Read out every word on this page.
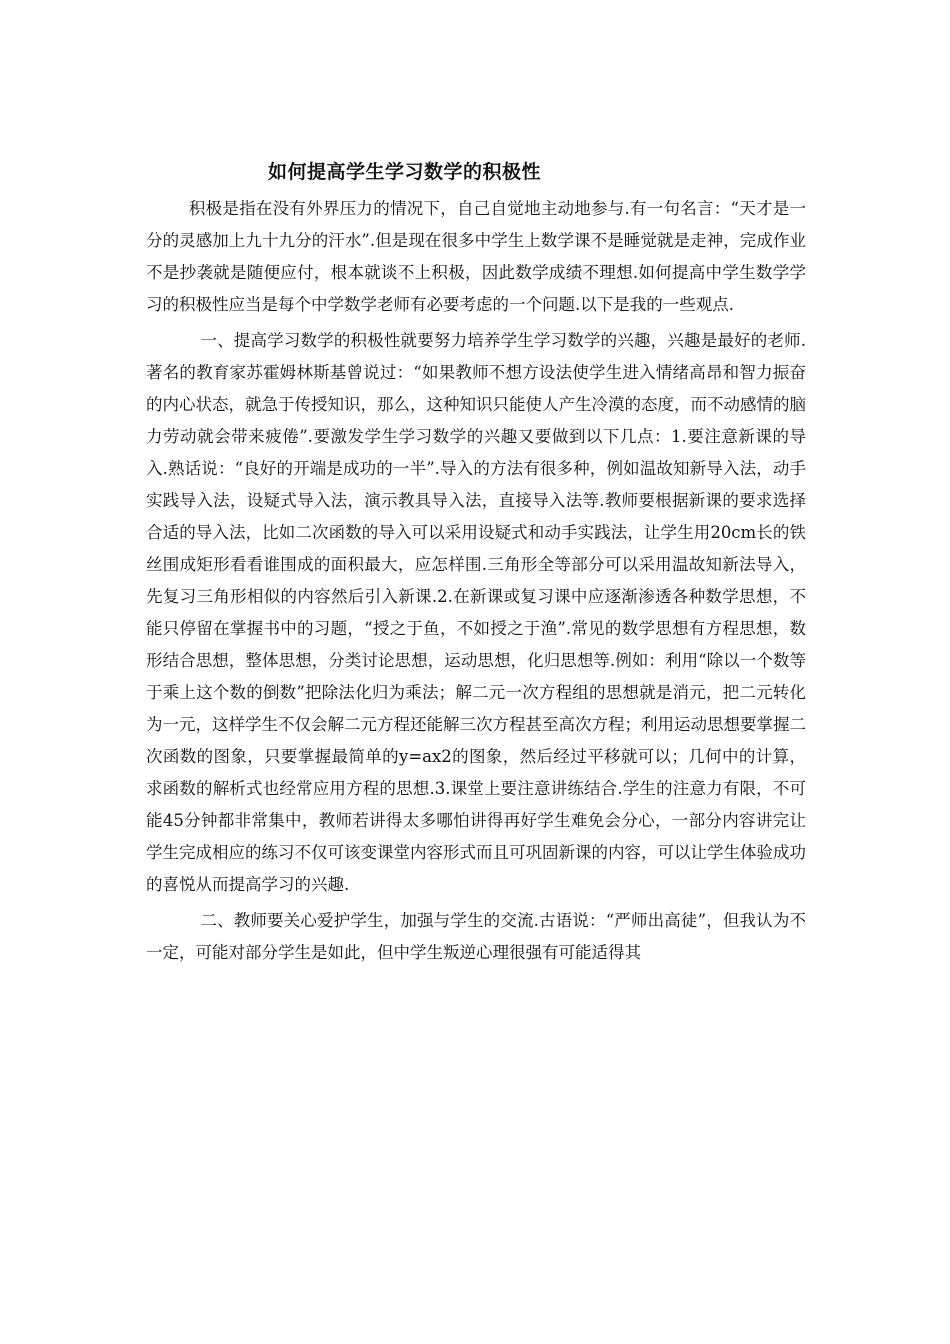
如何提高学生学习数学的积极性

积极是指在没有外界压力的情况下，自己自觉地主动地参与.有一句名言：“天才是一分的灵感加上九十九分的汗水”.但是现在很多中学生上数学课不是睡觉就是走神，完成作业不是抄袭就是随便应付，根本就谈不上积极，因此数学成绩不理想.如何提高中学生数学学习的积极性应当是每个中学数学老师有必要考虑的一个问题.以下是我的一些观点.

一、提高学习数学的积极性就要努力培养学生学习数学的兴趣，兴趣是最好的老师.著名的教育家苏霍姆林斯基曾说过：“如果教师不想方设法使学生进入情绪高昂和智力振奋的内心状态，就急于传授知识，那么，这种知识只能使人产生冷漠的态度，而不动感情的脑力劳动就会带来疲倦”.要激发学生学习数学的兴趣又要做到以下几点：1.要注意新课的导入.熟话说：“良好的开端是成功的一半”.导入的方法有很多种，例如温故知新导入法，动手实践导入法，设疑式导入法，演示教具导入法，直接导入法等.教师要根据新课的要求选择合适的导入法，比如二次函数的导入可以采用设疑式和动手实践法，让学生用20cm长的铁丝围成矩形看看谁围成的面积最大，应怎样围.三角形全等部分可以采用温故知新法导入，先复习三角形相似的内容然后引入新课.2.在新课或复习课中应逐渐渗透各种数学思想，不能只停留在掌握书中的习题，“授之于鱼，不如授之于渔”.常见的数学思想有方程思想，数形结合思想，整体思想，分类讨论思想，运动思想，化归思想等.例如：利用“除以一个数等于乘上这个数的倒数”把除法化归为乘法；解二元一次方程组的思想就是消元，把二元转化为一元，这样学生不仅会解二元方程还能解三次方程甚至高次方程；利用运动思想要掌握二次函数的图象，只要掌握最简单的y=ax2的图象，然后经过平移就可以；几何中的计算，求函数的解析式也经常应用方程的思想.3.课堂上要注意讲练结合.学生的注意力有限，不可能45分钟都非常集中，教师若讲得太多哪怕讲得再好学生难免会分心，一部分内容讲完让学生完成相应的练习不仅可该变课堂内容形式而且可巩固新课的内容，可以让学生体验成功的喜悦从而提高学习的兴趣.

二、教师要关心爱护学生，加强与学生的交流.古语说：“严师出高徒”，但我认为不一定，可能对部分学生是如此，但中学生叛逆心理很强有可能适得其
